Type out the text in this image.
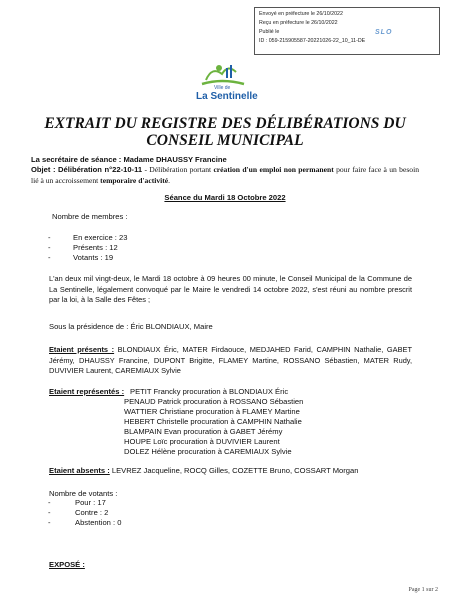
Envoyé en préfecture le 26/10/2022
Reçu en préfecture le 26/10/2022
Publié le
ID : 059-215905587-20221026-22_10_11-DE
SLO
Ville de
La Sentinelle
EXTRAIT DU REGISTRE DES DÉLIBÉRATIONS DU CONSEIL MUNICIPAL
La secrétaire de séance : Madame DHAUSSY Francine
Objet : Délibération n°22-10-11 - Délibération portant création d'un emploi non permanent pour faire face à un besoin lié à un accroissement temporaire d'activité.
Séance du Mardi 18 Octobre 2022
Nombre de membres :
-	En exercice : 23
-	Présents : 12
-	Votants : 19
L'an deux mil vingt-deux, le Mardi 18 octobre à 09 heures 00 minute, le Conseil Municipal de la Commune de La Sentinelle, légalement convoqué par le Maire le vendredi 14 octobre 2022, s'est réuni au nombre prescrit par la loi, à la Salle des Fêtes ;
Sous la présidence de : Éric BLONDIAUX, Maire
Etaient présents : BLONDIAUX Éric, MATER Firdaouce, MEDJAHED Farid, CAMPHIN Nathalie, GABET Jérémy, DHAUSSY Francine, DUPONT Brigitte, FLAMEY Martine, ROSSANO Sébastien, MATER Rudy, DUVIVIER Laurent, CAREMIAUX Sylvie
Etaient représentés : PETIT Francky procuration à BLONDIAUX Éric
PENAUD Patrick procuration à ROSSANO Sébastien
WATTIER Christiane procuration à FLAMEY Martine
HEBERT Christelle procuration à CAMPHIN Nathalie
BLAMPAIN Evan procuration à GABET Jérémy
HOUPE Loïc procuration à DUVIVIER Laurent
DOLEZ Hélène procuration à CAREMIAUX Sylvie
Etaient absents : LEVREZ Jacqueline, ROCQ Gilles, COZETTE Bruno, COSSART Morgan
Nombre de votants :
-	Pour : 17
-	Contre : 2
-	Abstention : 0
EXPOSÉ :
Page 1 sur 2
